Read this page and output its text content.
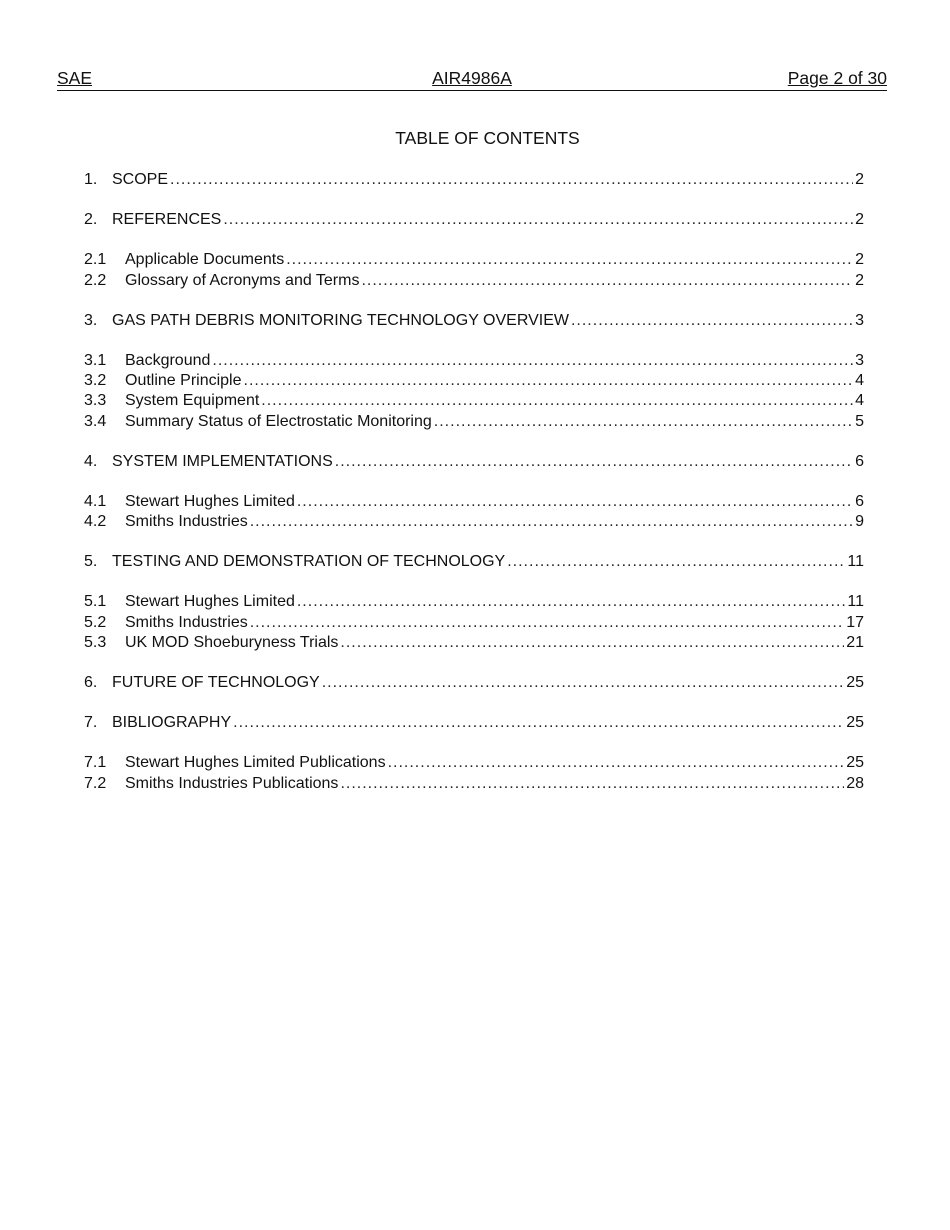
SAE	AIR4986A	Page 2 of 30
TABLE OF CONTENTS
1. SCOPE .....	2
2. REFERENCES .....	2
2.1	Applicable Documents .....	2
2.2	Glossary of Acronyms and Terms .....	2
3. GAS PATH DEBRIS MONITORING TECHNOLOGY OVERVIEW .....	3
3.1	Background .....	3
3.2	Outline Principle .....	4
3.3	System Equipment .....	4
3.4	Summary Status of Electrostatic Monitoring .....	5
4. SYSTEM IMPLEMENTATIONS .....	6
4.1	Stewart Hughes Limited .....	6
4.2	Smiths Industries .....	9
5. TESTING AND DEMONSTRATION OF TECHNOLOGY .....	11
5.1	Stewart Hughes Limited .....	11
5.2	Smiths Industries .....	17
5.3	UK MOD Shoeburyness Trials .....	21
6. FUTURE OF TECHNOLOGY .....	25
7. BIBLIOGRAPHY .....	25
7.1	Stewart Hughes Limited Publications .....	25
7.2	Smiths Industries Publications .....	28
